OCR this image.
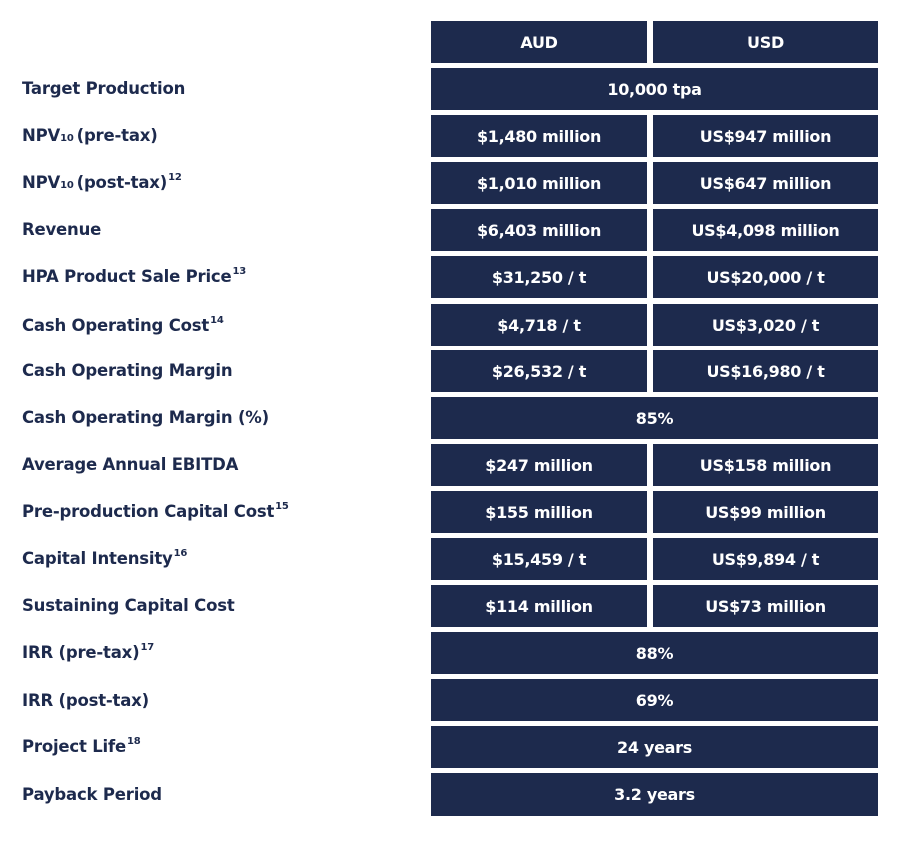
AUD	USD
Target Production	10,000 tpa
NPV 10 (pre-tax)	$1,480 million	US$947 million
NPV 10 (post-tax) 12	$1,010 million	US$647 million
Revenue	$6,403 million	US$4,098 million
HPA Product Sale Price 13	$31,250 / t	US$20,000 / t
Cash Operating Cost 14	$4,718 / t	US$3,020 / t
Cash Operating Margin	$26,532 / t	US$16,980 / t
Cash Operating Margin (%)	85%
Average Annual EBITDA	$247 million	US$158 million
Pre-production Capital Cost 15	$155 million	US$99 million
Capital Intensity 16	$15,459 / t	US$9,894 / t
Sustaining Capital Cost	$114 million	US$73 million
IRR (pre-tax) 17	88%
IRR (post-tax)	69%
Project Life 18	24 years
Payback Period	3.2 years
